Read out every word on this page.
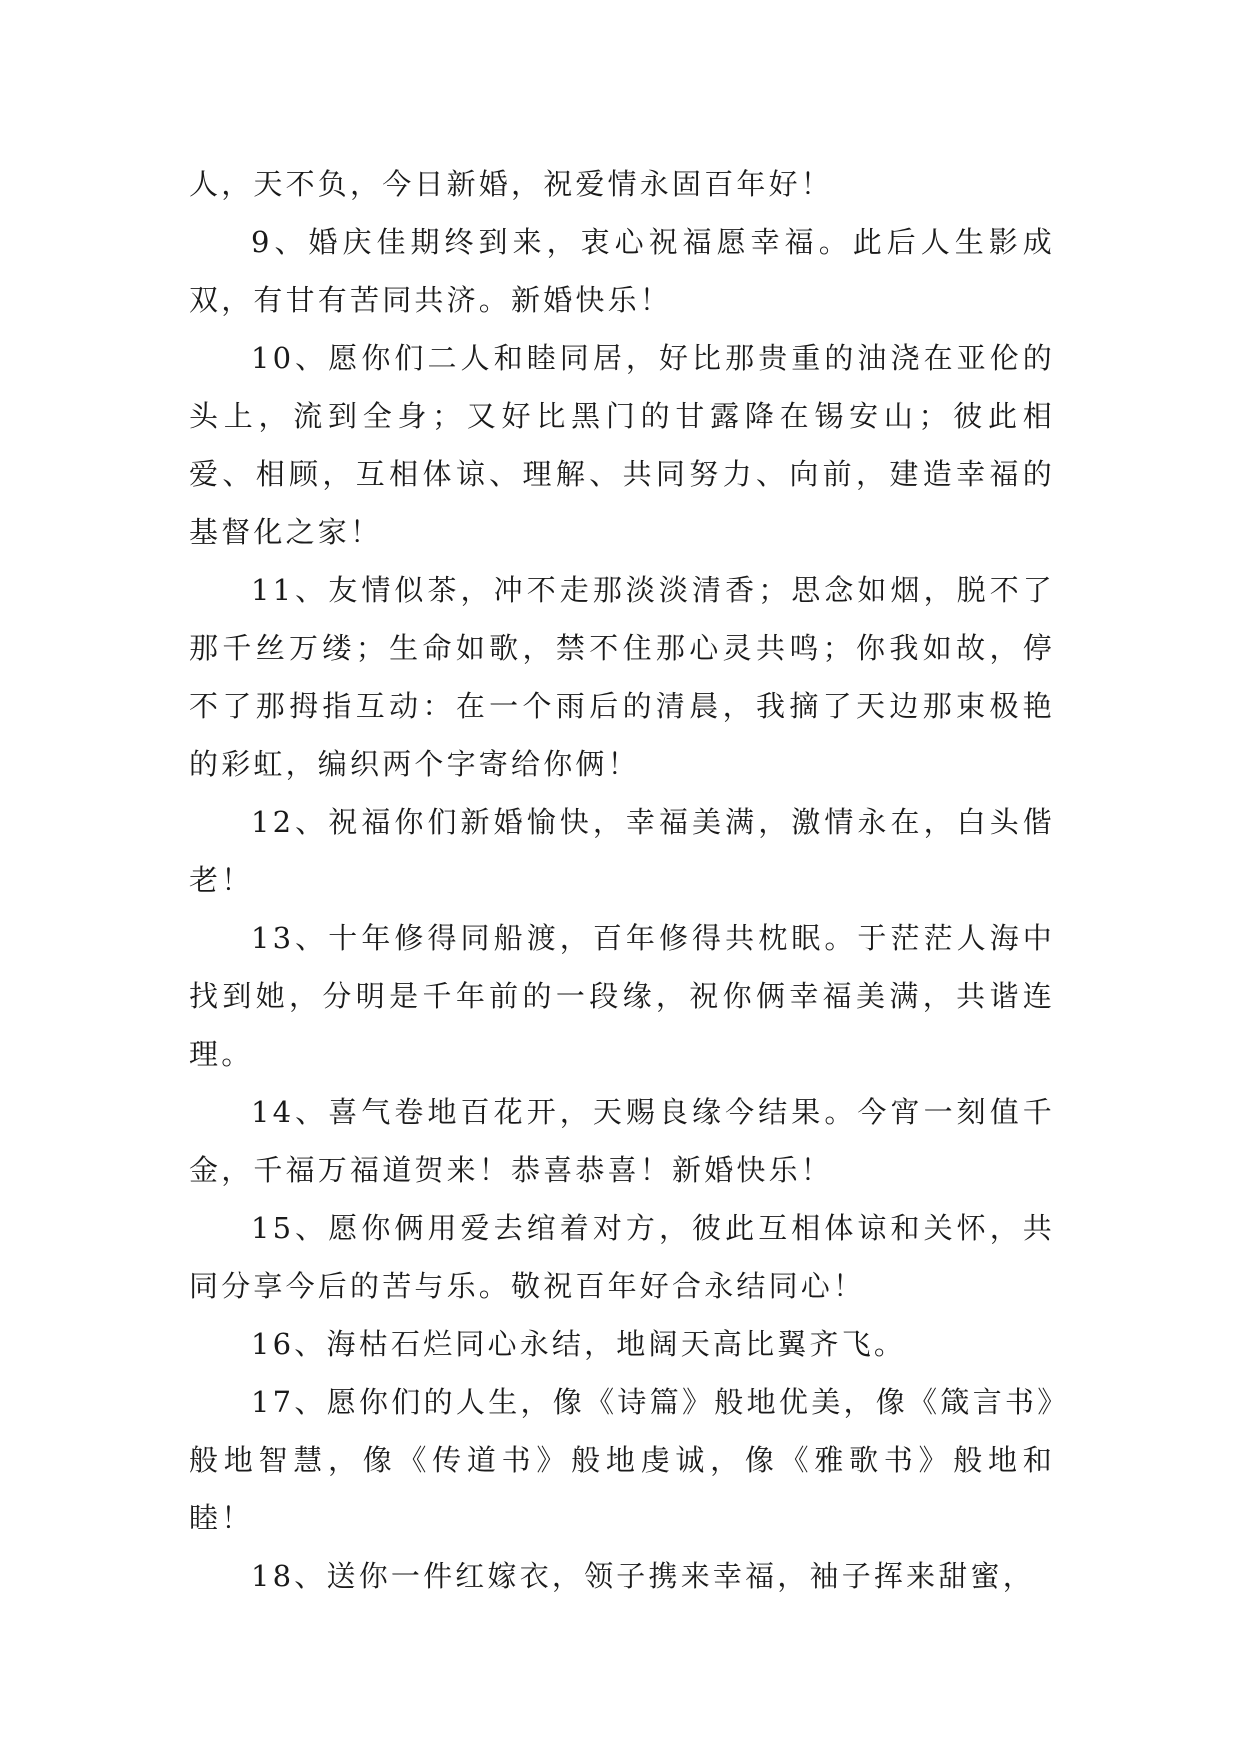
人，天不负，今日新婚，祝爱情永固百年好！

9、婚庆佳期终到来，衷心祝福愿幸福。此后人生影成双，有甘有苦同共济。新婚快乐！

10、愿你们二人和睦同居，好比那贵重的油浇在亚伦的头上，流到全身；又好比黑门的甘露降在锡安山；彼此相爱、相顾，互相体谅、理解、共同努力、向前，建造幸福的基督化之家！

11、友情似茶，冲不走那淡淡清香；思念如烟，脱不了那千丝万缕；生命如歌，禁不住那心灵共鸣；你我如故，停不了那拇指互动：在一个雨后的清晨，我摘了天边那束极艳的彩虹，编织两个字寄给你俩！

12、祝福你们新婚愉快，幸福美满，激情永在，白头偕老！

13、十年修得同船渡，百年修得共枕眠。于茫茫人海中找到她，分明是千年前的一段缘，祝你俩幸福美满，共谐连理。

14、喜气卷地百花开，天赐良缘今结果。今宵一刻值千金，千福万福道贺来！恭喜恭喜！新婚快乐！

15、愿你俩用爱去绾着对方，彼此互相体谅和关怀，共同分享今后的苦与乐。敬祝百年好合永结同心！

16、海枯石烂同心永结，地阔天高比翼齐飞。

17、愿你们的人生，像《诗篇》般地优美，像《箴言书》般地智慧，像《传道书》般地虔诚，像《雅歌书》般地和睦！

18、送你一件红嫁衣，领子携来幸福，袖子挥来甜蜜，
